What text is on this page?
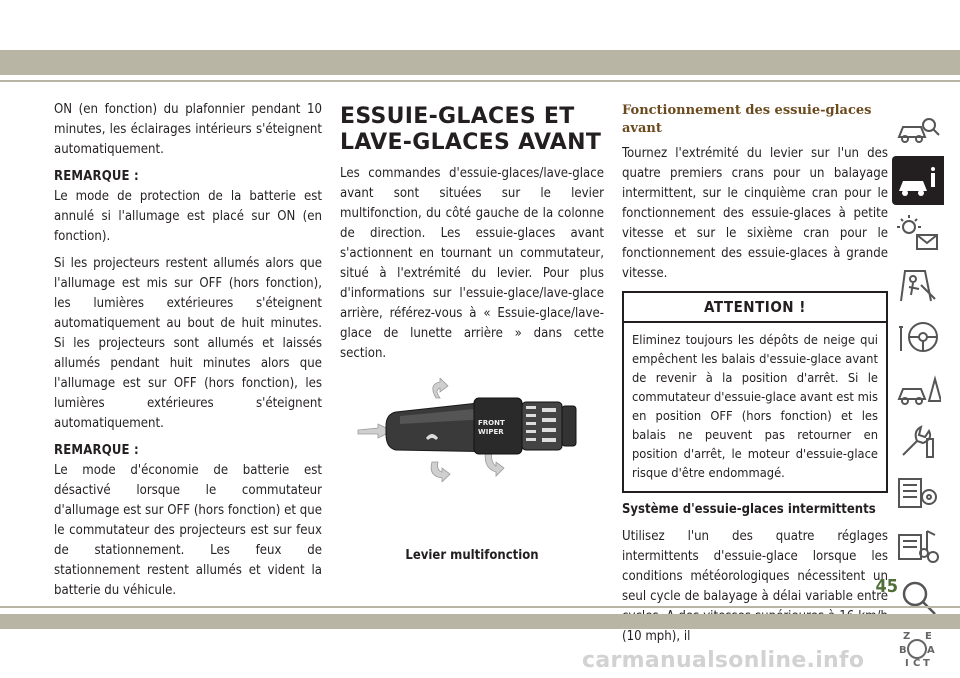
ON (en fonction) du plafonnier pendant 10 minutes, les éclairages intérieurs s'éteignent automatiquement.

REMARQUE :

Le mode de protection de la batterie est annulé si l'allumage est placé sur ON (en fonction).

Si les projecteurs restent allumés alors que l'allumage est mis sur OFF (hors fonction), les lumières extérieures s'éteignent automatiquement au bout de huit minutes. Si les projecteurs sont allumés et laissés allumés pendant huit minutes alors que l'allumage est sur OFF (hors fonction), les lumières extérieures s'éteignent automatiquement.

REMARQUE :

Le mode d'économie de batterie est désactivé lorsque le commutateur d'allumage est sur OFF (hors fonction) et que le commutateur des projecteurs est sur feux de stationnement. Les feux de stationnement restent allumés et vident la batterie du véhicule.

ESSUIE-GLACES ET
LAVE-GLACES AVANT

Les commandes d'essuie-glaces/lave-glace avant sont situées sur le levier multifonction, du côté gauche de la colonne de direction. Les essuie-glaces avant s'actionnent en tournant un commutateur, situé à l'extrémité du levier. Pour plus d'informations sur l'essuie-glace/lave-glace arrière, référez-vous à « Essuie-glace/lave-glace de lunette arrière » dans cette section.

FRONT
WIPER
Levier multifonction
Fonctionnement des essuie-glaces avant

Tournez l'extrémité du levier sur l'un des quatre premiers crans pour un balayage intermittent, sur le cinquième cran pour le fonctionnement des essuie-glaces à petite vitesse et sur le sixième cran pour le fonctionnement des essuie-glaces à grande vitesse.

ATTENTION !
Eliminez toujours les dépôts de neige qui empêchent les balais d'essuie-glace avant de revenir à la position d'arrêt. Si le commutateur d'essuie-glace avant est mis en position OFF (hors fonction) et les balais ne peuvent pas retourner en position d'arrêt, le moteur d'essuie-glace risque d'être endommagé.
Système d'essuie-glaces intermittents

Utilisez l'un des quatre réglages intermittents d'essuie-glace lorsque les conditions météorologiques nécessitent un seul cycle de balayage à délai variable entre (10 mph), il	Z E
B A
I C T
45
carmanualsonline.info
